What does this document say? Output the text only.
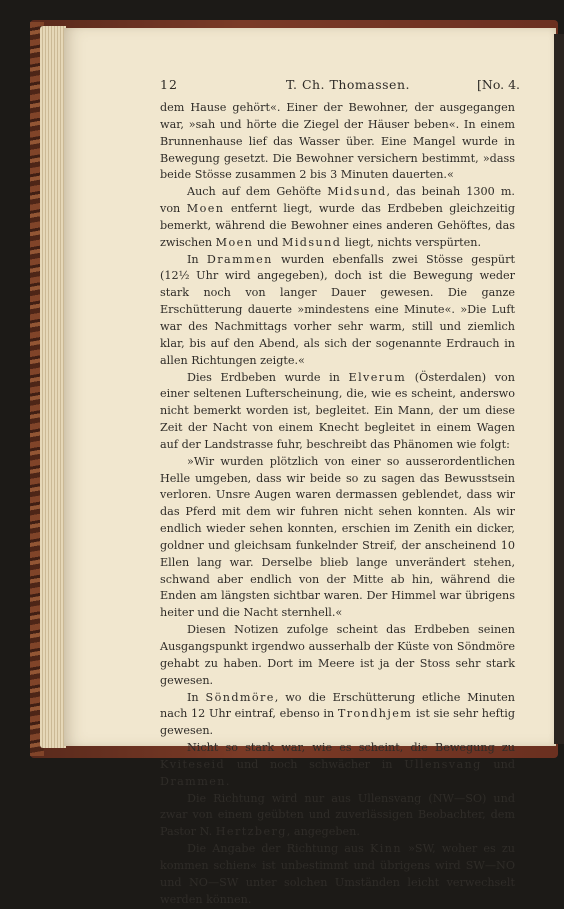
12	T. Ch. Thomassen.	[No. 4.

dem Hause gehört«. Einer der Bewohner, der ausgegangen war, »sah und hörte die Ziegel der Häuser beben«. In einem Brunnenhause lief das Wasser über. Eine Mangel wurde in Bewegung gesetzt. Die Bewohner versichern bestimmt, »dass beide Stösse zusammen 2 bis 3 Minuten dauerten.«

Auch auf dem Gehöfte Midsund, das beinah 1300 m. von Moen entfernt liegt, wurde das Erdbeben gleichzeitig bemerkt, während die Bewohner eines anderen Gehöftes, das zwischen Moen und Midsund liegt, nichts verspürten.

In Drammen wurden ebenfalls zwei Stösse gespürt (12½ Uhr wird angegeben), doch ist die Bewegung weder stark noch von langer Dauer gewesen. Die ganze Erschütterung dauerte »mindestens eine Minute«. »Die Luft war des Nachmittags vorher sehr warm, still und ziemlich klar, bis auf den Abend, als sich der sogenannte Erdrauch in allen Richtungen zeigte.«

Dies Erdbeben wurde in Elverum (Österdalen) von einer seltenen Lufterscheinung, die, wie es scheint, anderswo nicht bemerkt worden ist, begleitet. Ein Mann, der um diese Zeit der Nacht von einem Knecht begleitet in einem Wagen auf der Landstrasse fuhr, beschreibt das Phänomen wie folgt:

»Wir wurden plötzlich von einer so ausserordentlichen Helle umgeben, dass wir beide so zu sagen das Bewusstsein verloren. Unsre Augen waren dermassen geblendet, dass wir das Pferd mit dem wir fuhren nicht sehen konnten. Als wir endlich wieder sehen konnten, erschien im Zenith ein dicker, goldner und gleichsam funkelnder Streif, der anscheinend 10 Ellen lang war. Derselbe blieb lange unverändert stehen, schwand aber endlich von der Mitte ab hin, während die Enden am längsten sichtbar waren. Der Himmel war übrigens heiter und die Nacht sternhell.«

Diesen Notizen zufolge scheint das Erdbeben seinen Ausgangspunkt irgendwo ausserhalb der Küste von Söndmöre gehabt zu haben. Dort im Meere ist ja der Stoss sehr stark gewesen.

In Söndmöre, wo die Erschütterung etliche Minuten nach 12 Uhr eintraf, ebenso in Trondhjem ist sie sehr heftig gewesen.

Nicht so stark war, wie es scheint, die Bewegung zu Kviteseid und noch schwächer in Ullensvang und Drammen.

Die Richtung wird nur aus Ullensvang (NW—SO) und zwar von einem geübten und zuverlässigen Beobachter, dem Pastor N. Hertzberg, angegeben.

Die Angabe der Richtung aus Kinn »SW, woher es zu kommen schien« ist unbestimmt und übrigens wird SW—NO und NO—SW unter solchen Umständen leicht verwechselt werden können.
